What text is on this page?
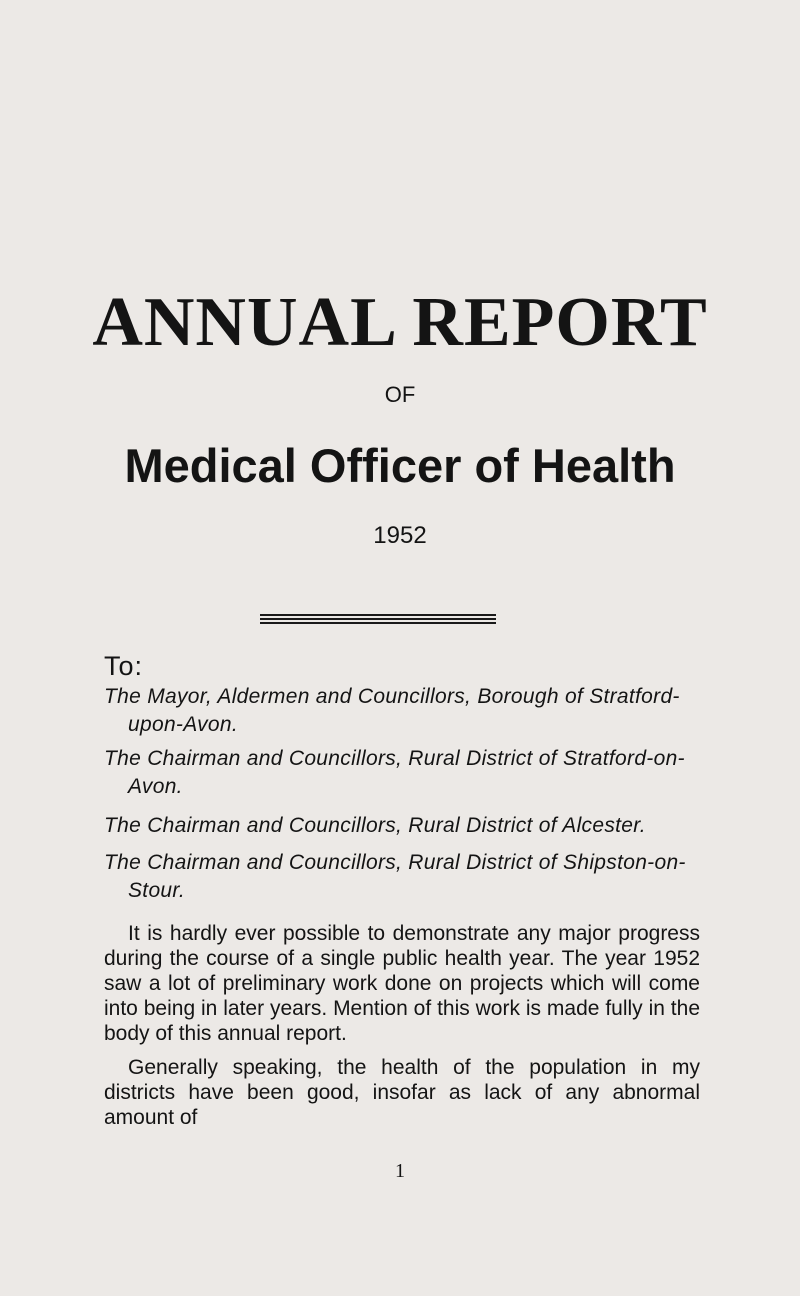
ANNUAL REPORT
OF
Medical Officer of Health
1952
To:

The Mayor, Aldermen and Councillors, Borough of Stratford-
upon-Avon.

The Chairman and Councillors, Rural District of Stratford-on-
Avon.

The Chairman and Councillors, Rural District of Alcester.

The Chairman and Councillors, Rural District of Shipston-on-
Stour.

It is hardly ever possible to demonstrate any major progress during the course of a single public health year. The year 1952 saw a lot of preliminary work done on projects which will come into being in later years. Mention of this work is made fully in the body of this annual report.

Generally speaking, the health of the population in my districts have been good, insofar as lack of any abnormal amount of

1
